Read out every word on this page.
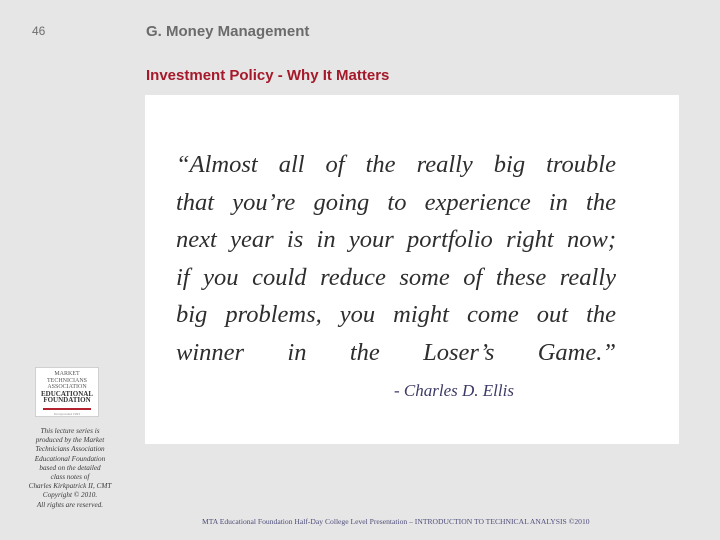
46	G. Money Management
Investment Policy - Why It Matters
“Almost all of the really big trouble
that you’re going to experience in the
next year is in your portfolio right now;
if you could reduce some of these really
big problems, you might come out the
winner in the Loser’s Game.”
- Charles D. Ellis
MARKET
TECHNICIANS
ASSOCIATION
EDUCATIONAL
FOUNDATION
Incorporated 1993
This lecture series is
produced by the Market
Technicians Association
Educational Foundation
based on the detailed
class notes of
Charles Kirkpatrick II, CMT
Copyright © 2010.
All rights are reserved.
MTA Educational Foundation Half-Day College Level Presentation – INTRODUCTION TO TECHNICAL ANALYSIS ©2010
